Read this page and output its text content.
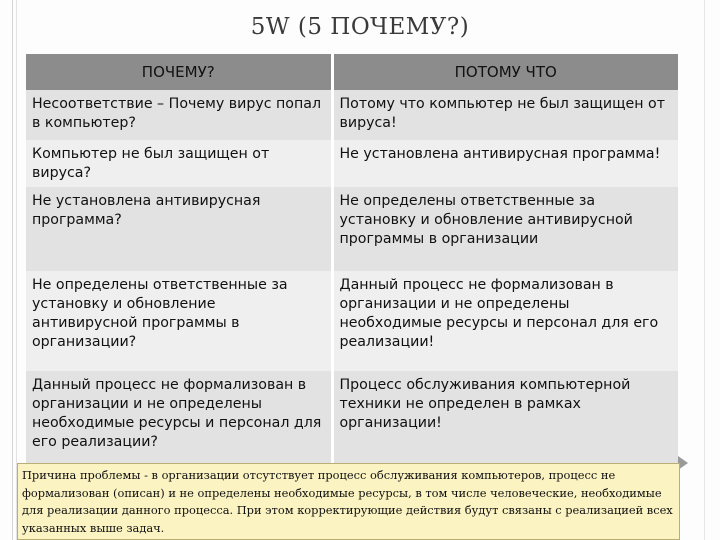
5W (5 ПОЧЕМУ?)
ПОЧЕМУ?	ПОТОМУ ЧТО
Несоответствие – Почему вирус попал в компьютер?	Потому что компьютер не был защищен от вируса!
Компьютер не был защищен от вируса?	Не установлена антивирусная программа!
Не установлена антивирусная программа?	Не определены ответственные за установку и обновление антивирусной программы в организации
Не определены ответственные за установку и обновление антивирусной программы в организации?	Данный процесс не формализован в организации и не определены необходимые ресурсы и персонал для его реализации!
Данный процесс не формализован в организации и не определены необходимые ресурсы и персонал для его реализации?	Процесс обслуживания компьютерной техники не определен в рамках организации!
Причина проблемы - в организации отсутствует процесс обслуживания компьютеров, процесс не формализован (описан) и не определены необходимые ресурсы, в том числе человеческие, необходимые для реализации данного процесса. При этом корректирующие действия будут связаны с реализацией всех указанных выше задач.
